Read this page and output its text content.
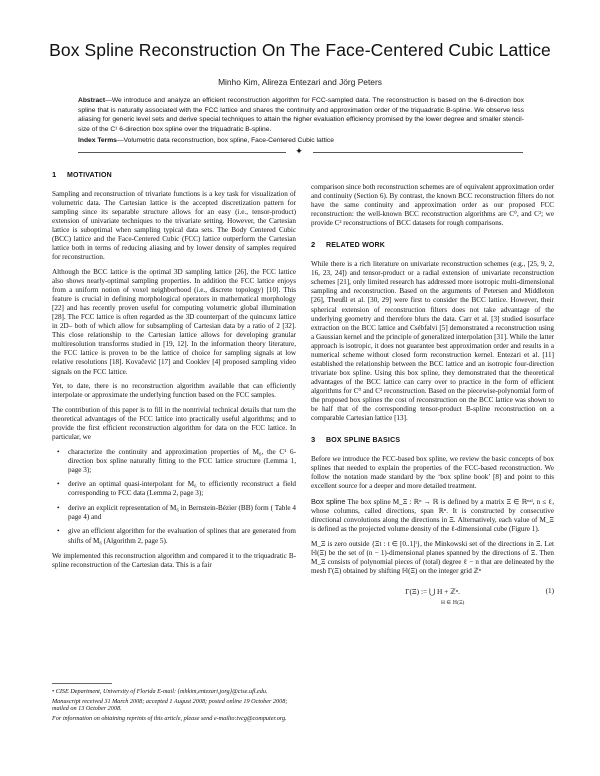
Box Spline Reconstruction On The Face-Centered Cubic Lattice
Minho Kim, Alireza Entezari and Jörg Peters
Abstract—We introduce and analyze an efficient reconstruction algorithm for FCC-sampled data. The reconstruction is based on the 6-direction box spline that is naturally associated with the FCC lattice and shares the continuity and approximation order of the triquadratic B-spline. We observe less aliasing for generic level sets and derive special techniques to attain the higher evaluation efficiency promised by the lower degree and smaller stencil-size of the C¹ 6-direction box spline over the triquadratic B-spline.
Index Terms—Volumetric data reconstruction, box spline, Face-Centered Cubic lattice
✦
1 MOTIVATION

Sampling and reconstruction of trivariate functions is a key task for visualization of volumetric data. The Cartesian lattice is the accepted discretization pattern for sampling since its separable structure allows for an easy (i.e., tensor-product) extension of univariate techniques to the trivariate setting. However, the Cartesian lattice is suboptimal when sampling typical data sets. The Body Centered Cubic (BCC) lattice and the Face-Centered Cubic (FCC) lattice outperform the Cartesian lattice both in terms of reducing aliasing and by lower density of samples required for reconstruction.

Although the BCC lattice is the optimal 3D sampling lattice [26], the FCC lattice also shows nearly-optimal sampling properties. In addition the FCC lattice enjoys from a uniform notion of voxel neighborhood (i.e., discrete topology) [10]. This feature is crucial in defining morphological operators in mathematical morphology [22] and has recently proven useful for computing volumetric global illumination [28]. The FCC lattice is often regarded as the 3D counterpart of the quincunx lattice in 2D– both of which allow for subsampling of Cartesian data by a ratio of 2 [32]. This close relationship to the Cartesian lattice allows for developing granular multiresolution transforms studied in [19, 12]. In the information theory literature, the FCC lattice is proven to be the lattice of choice for sampling signals at low relative resolutions [18]. Kovačević [17] and Cooklev [4] proposed sampling video signals on the FCC lattice.

Yet, to date, there is no reconstruction algorithm available that can efficiently interpolate or approximate the underlying function based on the FCC samples.

The contribution of this paper is to fill in the nontrivial technical details that turn the theoretical advantages of the FCC lattice into practically useful algorithms; and to provide the first efficient reconstruction algorithm for data on the FCC lattice. In particular, we

• characterize the continuity and approximation properties of M₆, the C¹ 6-direction box spline naturally fitting to the FCC lattice structure (Lemma 1, page 3);
• derive an optimal quasi-interpolant for M₆ to efficiently reconstruct a field corresponding to FCC data (Lemma 2, page 3);
• derive an explicit representation of M₆ in Bernstein-Bézier (BB) form ( Table 4 page 4) and
• give an efficient algorithm for the evaluation of splines that are generated from shifts of M₆ (Algorithm 2, page 5).

We implemented this reconstruction algorithm and compared it to the triquadratic B-spline reconstruction of the Cartesian data. This is a fair

• CISE Department, University of Florida E-mail: {mhkim,entezari,jorg}@cise.ufl.edu.

Manuscript received 31 March 2008; accepted 1 August 2008; posted online 19 October 2008; mailed on 13 October 2008.

For information on obtaining reprints of this article, please send e-mailto:tvcg@computer.org.

comparison since both reconstruction schemes are of equivalent approximation order and continuity (Section 6). By contrast, the known BCC reconstruction filters do not have the same continuity and approximation order as our proposed FCC reconstruction: the well-known BCC reconstruction algorithms are C⁰, and C²; we provide C² reconstructions of BCC datasets for rough comparisons.

2 RELATED WORK

While there is a rich literature on univariate reconstruction schemes (e.g., [25, 9, 2, 16, 23, 24]) and tensor-product or a radial extension of univariate reconstruction schemes [21], only limited research has addressed more isotropic multi-dimensional sampling and reconstruction. Based on the arguments of Petersen and Middleton [26], Theußl et al. [30, 29] were first to consider the BCC lattice. However, their spherical extension of reconstruction filters does not take advantage of the underlying geometry and therefore blurs the data. Carr et al. [3] studied isosurface extraction on the BCC lattice and Csébfalvi [5] demonstrated a reconstruction using a Gaussian kernel and the principle of generalized interpolation [31]. While the latter approach is isotropic, it does not guarantee best approximation order and results in a numerical scheme without closed form reconstruction kernel. Entezari et al. [11] established the relationship between the BCC lattice and an isotropic four-direction trivariate box spline. Using this box spline, they demonstrated that the theoretical advantages of the BCC lattice can carry over to practice in the form of efficient algorithms for C⁰ and C² reconstruction. Based on the piecewise-polynomial form of the proposed box splines the cost of reconstruction on the BCC lattice was shown to be half that of the corresponding tensor-product B-spline reconstruction on a comparable Cartesian lattice [13].

3 BOX SPLINE BASICS

Before we introduce the FCC-based box spline, we review the basic concepts of box splines that needed to explain the properties of the FCC-based reconstruction. We follow the notation made standard by the ‘box spline book’ [8] and point to this excellent source for a deeper and more detailed treatment.

Box spline The box spline M_Ξ : ℝⁿ → ℝ is defined by a matrix Ξ ∈ ℝⁿˣˡ, n ≤ ℓ, whose columns, called directions, span ℝⁿ. It is constructed by consecutive directional convolutions along the directions in Ξ. Alternatively, each value of M_Ξ is defined as the projected volume density of the ℓ-dimensional cube (Figure 1).

M_Ξ is zero outside {Ξt : t ∈ [0..1]ˡ}, the Minkowski set of the directions in Ξ. Let ℍ(Ξ) be the set of (n − 1)-dimensional planes spanned by the directions of Ξ. Then M_Ξ consists of polynomial pieces of (total) degree ℓ − n that are delineated by the mesh Γ(Ξ) obtained by shifting ℍ(Ξ) on the integer grid ℤⁿ

Γ(Ξ) := ⋃ H + ℤⁿ.
H ∈ ℍ(Ξ)
(1)
